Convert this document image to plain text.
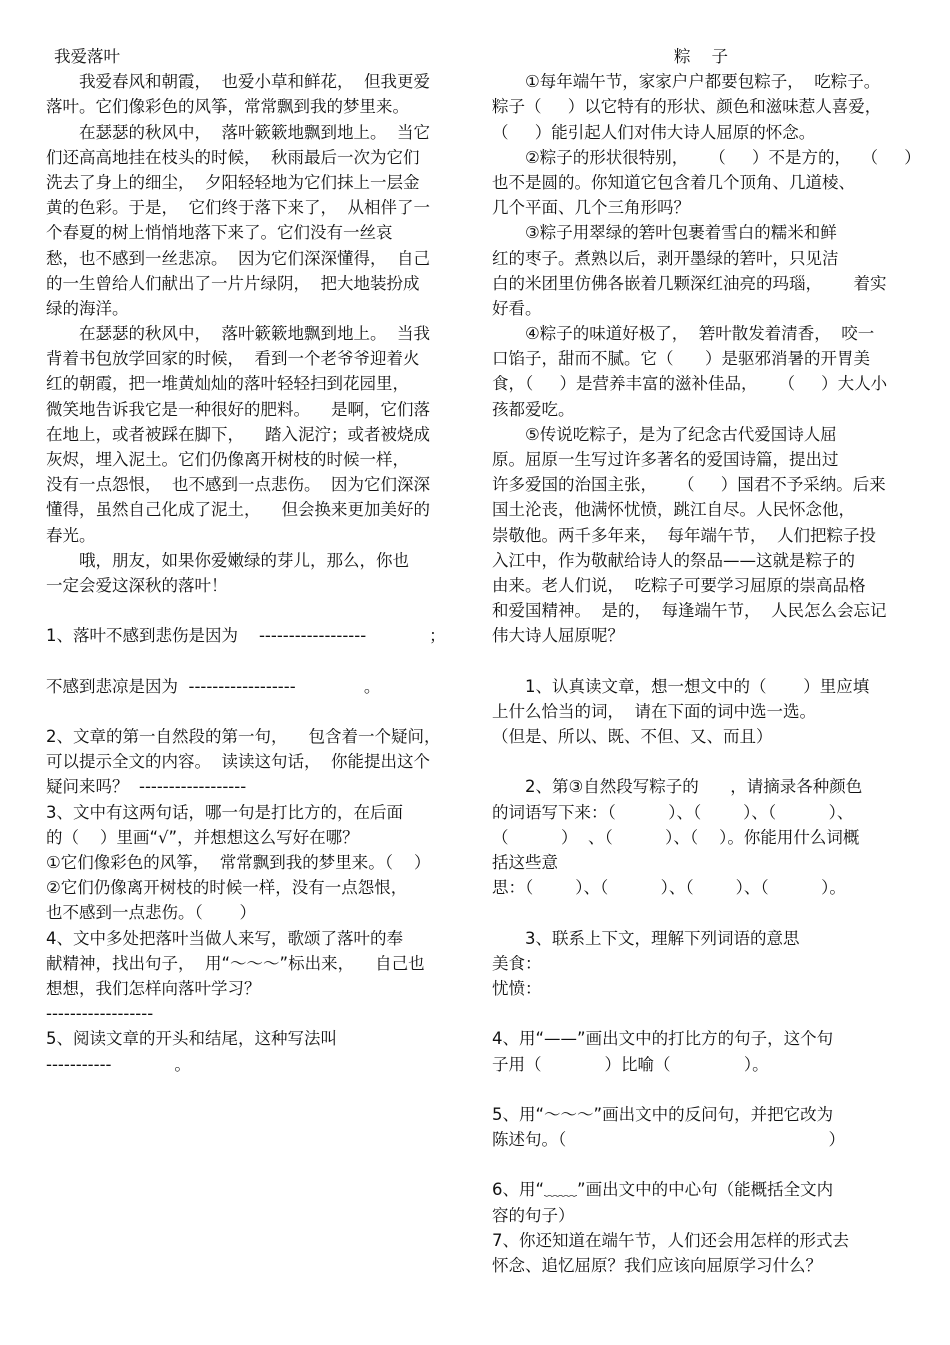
我爱落叶
　　我爱春风和朝霞，  也爱小草和鲜花，  但我更爱
落叶。它们像彩色的风筝，常常飘到我的梦里来。
　　在瑟瑟的秋风中，  落叶簌簌地飘到地上。  当它
们还高高地挂在枝头的时候，  秋雨最后一次为它们
洗去了身上的细尘，  夕阳轻轻地为它们抹上一层金
黄的色彩。于是，  它们终于落下来了，  从相伴了一
个春夏的树上悄悄地落下来了。它们没有一丝哀
愁，也不感到一丝悲凉。  因为它们深深懂得，  自己
的一生曾给人们献出了一片片绿阴，  把大地装扮成
绿的海洋。
　　在瑟瑟的秋风中，  落叶簌簌地飘到地上。  当我
背着书包放学回家的时候，  看到一个老爷爷迎着火
红的朝霞，把一堆黄灿灿的落叶轻轻扫到花园里，
微笑地告诉我它是一种很好的肥料。    是啊，它们落
在地上，或者被踩在脚下，    踏入泥泞；或者被烧成
灰烬，埋入泥土。它们仍像离开树枝的时候一样，
没有一点怨恨，  也不感到一点悲伤。  因为它们深深
懂得，虽然自己化成了泥土，    但会换来更加美好的
春光。
　　哦，朋友，如果你爱嫩绿的芽儿，那么，你也
一定会爱这深秋的落叶！
1、落叶不感到悲伤是因为    ------------------            ；
不感到悲凉是因为  ------------------             。
2、文章的第一自然段的第一句，    包含着一个疑问，
可以提示全文的内容。  读读这句话，  你能提出这个
疑问来吗？  ------------------
3、文中有这两句话，哪一句是打比方的，在后面
的（    ）里画“√”，并想想这么写好在哪？
①它们像彩色的风筝，  常常飘到我的梦里来。（    ）
②它们仍像离开树枝的时候一样，没有一点怨恨，
也不感到一点悲伤。（       ）
4、文中多处把落叶当做人来写，歌颂了落叶的奉
献精神，找出句子，  用“～～～”标出来，    自己也
想想，我们怎样向落叶学习？
------------------
5、阅读文章的开头和结尾，这种写法叫
-----------            。
粽    子
　　①每年端午节，家家户户都要包粽子，  吃粽子。
粽子（     ）以它特有的形状、颜色和滋味惹人喜爱，
（     ）能引起人们对伟大诗人屈原的怀念。
　　②粽子的形状很特别，    （     ）不是方的，  （     ）
也不是圆的。你知道它包含着几个顶角、几道棱、
几个平面、几个三角形吗？
　　③粽子用翠绿的箬叶包裹着雪白的糯米和鲜
红的枣子。煮熟以后，剥开墨绿的箬叶，只见洁
白的米团里仿佛各嵌着几颗深红油亮的玛瑙，      着实
好看。
　　④粽子的味道好极了，  箬叶散发着清香，  咬一
口馅子，甜而不腻。它（      ）是驱邪消暑的开胃美
食，（     ）是营养丰富的滋补佳品，    （     ）大人小
孩都爱吃。
　　⑤传说吃粽子，是为了纪念古代爱国诗人屈
原。屈原一生写过许多著名的爱国诗篇，提出过
许多爱国的治国主张，    （     ）国君不予采纳。后来
国土沦丧，他满怀忧愤，跳江自尽。人民怀念他，
崇敬他。两千多年来，  每年端午节，  人们把粽子投
入江中，作为敬献给诗人的祭品——这就是粽子的
由来。老人们说，  吃粽子可要学习屈原的崇高品格
和爱国精神。  是的，  每逢端午节，  人民怎么会忘记
伟大诗人屈原呢？
　　1、认真读文章，想一想文中的（       ）里应填
上什么恰当的词，  请在下面的词中选一选。
（但是、所以、既、不但、又、而且）
　　2、第③自然段写粽子的      ，请摘录各种颜色
的词语写下来：（          ）、（        ）、（          ）、
（          ）  、（          ）、（    ）。你能用什么词概
括这些意
思：（        ）、（          ）、（        ）、（          ）。
　　3、联系上下文，理解下列词语的意思
美食：
忧愤：
4、用“——”画出文中的打比方的句子，这个句
子用（            ）比喻（              ）。
5、用“～～～”画出文中的反问句，并把它改为
陈述句。（                                                  ）
6、用“﹏﹏”画出文中的中心句（能概括全文内
容的句子）
7、你还知道在端午节，人们还会用怎样的形式去
怀念、追忆屈原？我们应该向屈原学习什么？
